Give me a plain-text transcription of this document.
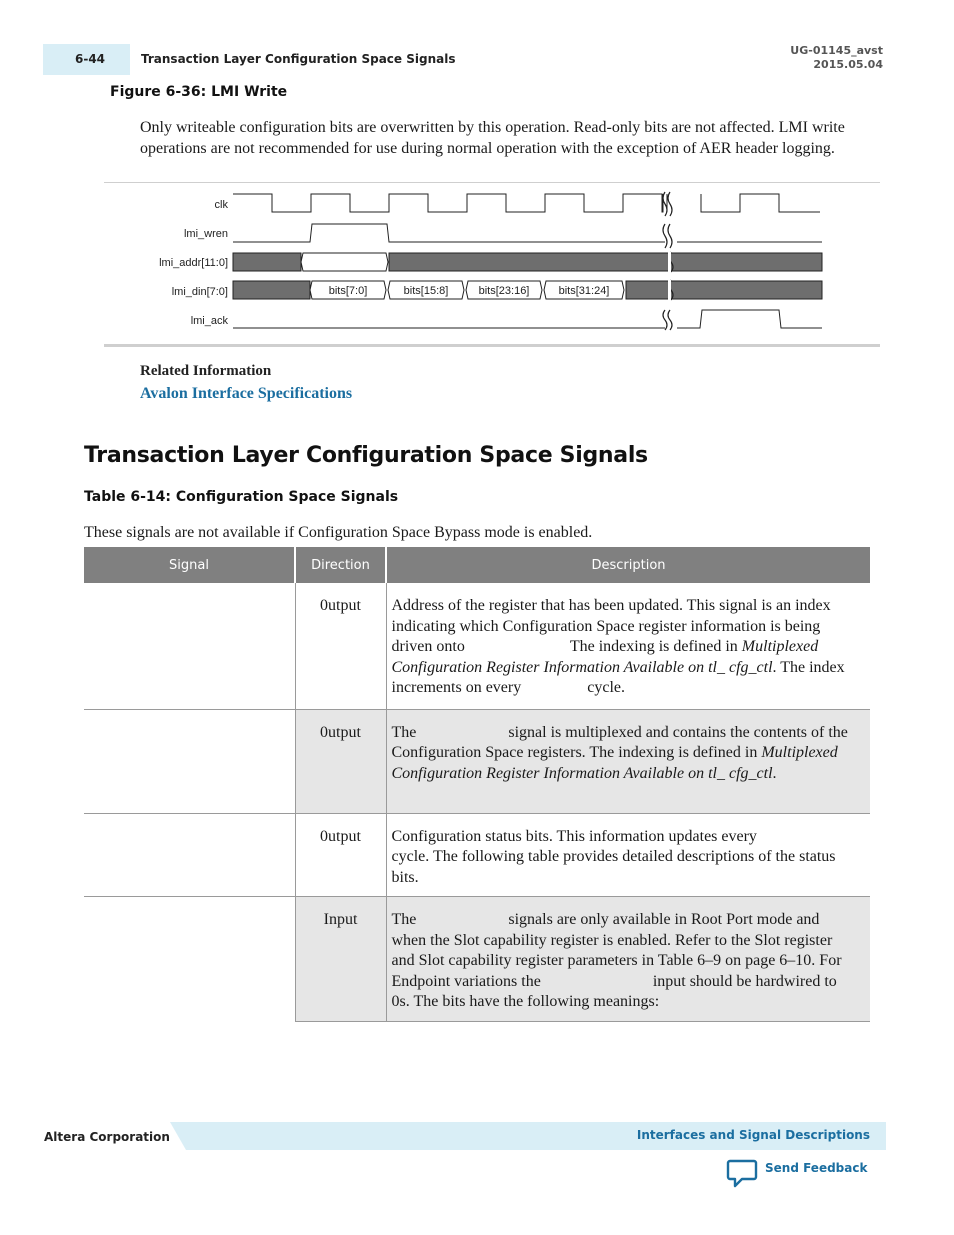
6-44	Transaction Layer Configuration Space Signals
UG-01145_avst
2015.05.04
Figure 6-36: LMI Write

Only writeable configuration bits are overwritten by this operation. Read-only bits are not affected. LMI write operations are not recommended for use during normal operation with the exception of AER header logging.

clk
lmi_wren
lmi_addr[11:0]
lmi_din[7:0]
lmi_ack
bits[7:0]	bits[15:8]	bits[23:16]	bits[31:24]
Related Information
Avalon Interface Specifications
Transaction Layer Configuration Space Signals
Table 6-14: Configuration Space Signals
These signals are not available if Configuration Space Bypass mode is enabled.
Signal	Direction	Description
	0utput	Address of the register that has been updated. This signal is an index indicating which Configuration Space register information is being driven onto The indexing is defined in Multiplexed Configuration Register Information Available on tl_ cfg_ctl. The index increments on every cycle.
	0utput	The signal is multiplexed and contains the contents of the Configuration Space registers. The indexing is defined in Multiplexed Configuration Register Information Available on tl_ cfg_ctl.
	0utput	Configuration status bits. This information updates everycycle. The following table provides detailed descriptions of the status bits.
	Input	The signals are only available in Root Port mode and when the Slot capability register is enabled. Refer to the Slot register and Slot capability register parameters in Table 6–9 on page 6–10. For Endpoint variations the input should be hardwired to 0s. The bits have the following meanings:
Altera Corporation	Interfaces and Signal Descriptions
Send Feedback
